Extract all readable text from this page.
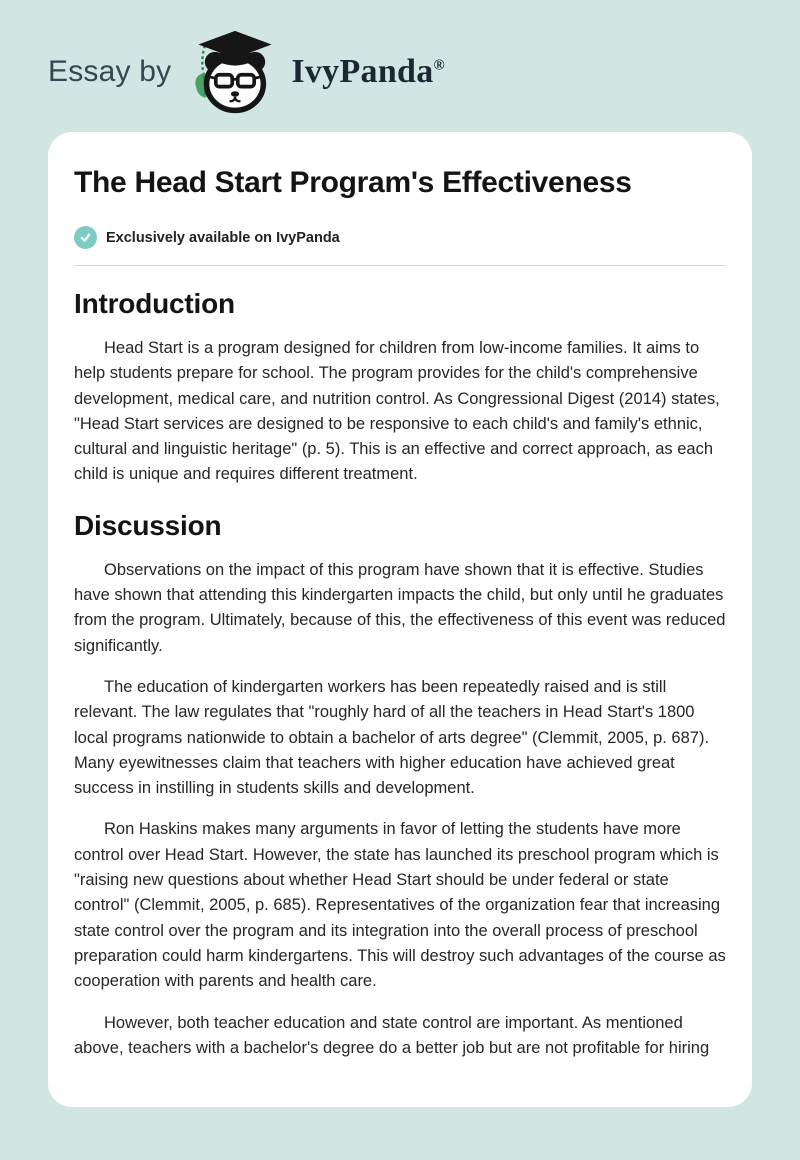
Essay by	IvyPanda®
The Head Start Program's Effectiveness
Exclusively available on IvyPanda
Introduction

Head Start is a program designed for children from low-income families. It aims to help students prepare for school. The program provides for the child's comprehensive development, medical care, and nutrition control. As Congressional Digest (2014) states, "Head Start services are designed to be responsive to each child's and family's ethnic, cultural and linguistic heritage" (p. 5). This is an effective and correct approach, as each child is unique and requires different treatment.

Discussion

Observations on the impact of this program have shown that it is effective. Studies have shown that attending this kindergarten impacts the child, but only until he graduates from the program. Ultimately, because of this, the effectiveness of this event was reduced significantly.

The education of kindergarten workers has been repeatedly raised and is still relevant. The law regulates that "roughly hard of all the teachers in Head Start's 1800 local programs nationwide to obtain a bachelor of arts degree" (Clemmit, 2005, p. 687). Many eyewitnesses claim that teachers with higher education have achieved great success in instilling in students skills and development.

Ron Haskins makes many arguments in favor of letting the students have more control over Head Start. However, the state has launched its preschool program which is "raising new questions about whether Head Start should be under federal or state control" (Clemmit, 2005, p. 685). Representatives of the organization fear that increasing state control over the program and its integration into the overall process of preschool preparation could harm kindergartens. This will destroy such advantages of the course as cooperation with parents and health care.

However, both teacher education and state control are important. As mentioned above, teachers with a bachelor's degree do a better job but are not profitable for hiring
